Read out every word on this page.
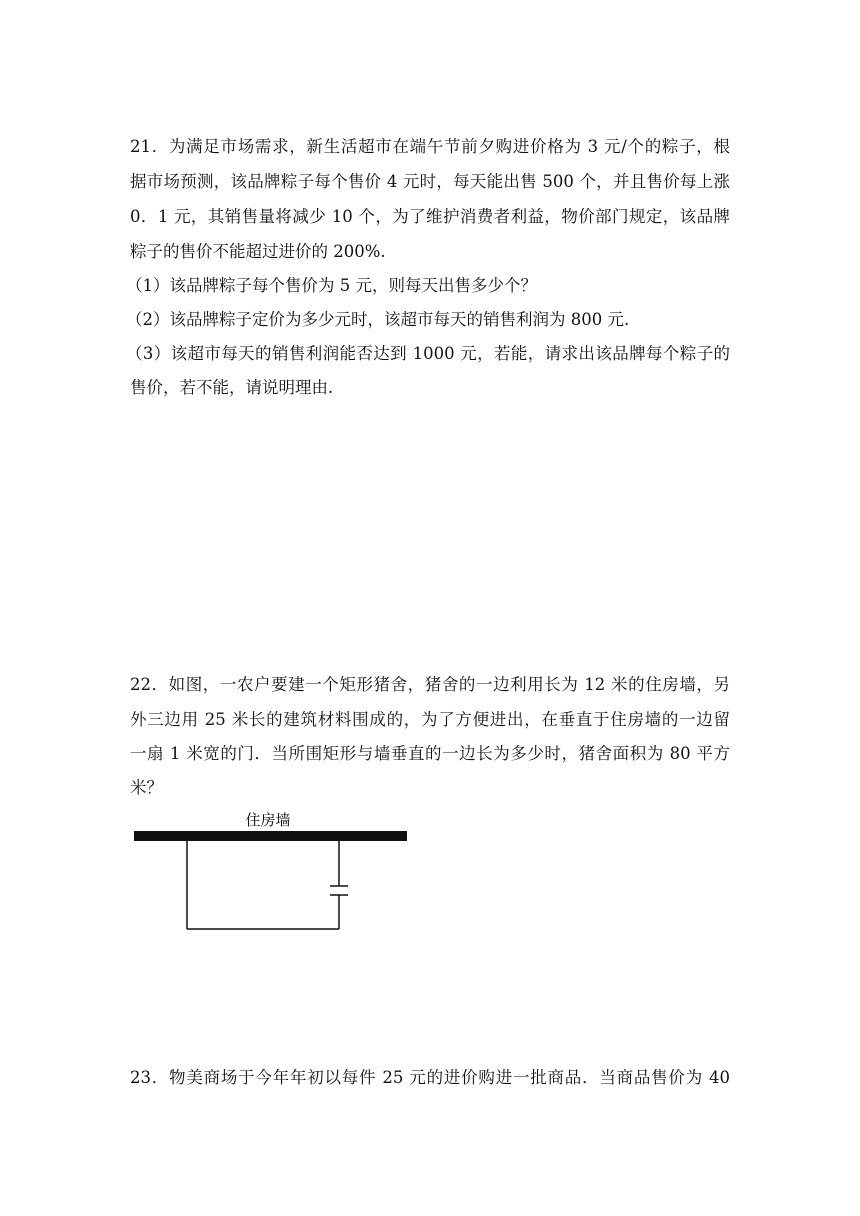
21．为满足市场需求，新生活超市在端午节前夕购进价格为 3 元/个的粽子，根
据市场预测，该品牌粽子每个售价 4 元时，每天能出售 500 个，并且售价每上涨
0．1 元，其销售量将减少 10 个，为了维护消费者利益，物价部门规定，该品牌
粽子的售价不能超过进价的 200%.
（1）该品牌粽子每个售价为 5 元，则每天出售多少个？
（2）该品牌粽子定价为多少元时，该超市每天的销售利润为 800 元.
（3）该超市每天的销售利润能否达到 1000 元，若能，请求出该品牌每个粽子的
售价，若不能，请说明理由.
22．如图，一农户要建一个矩形猪舍，猪舍的一边利用长为 12 米的住房墙，另
外三边用 25 米长的建筑材料围成的，为了方便进出，在垂直于住房墙的一边留
一扇 1 米宽的门．当所围矩形与墙垂直的一边长为多少时，猪舍面积为 80 平方
米？
住房墙
23．物美商场于今年年初以每件 25 元的进价购进一批商品．当商品售价为 40
